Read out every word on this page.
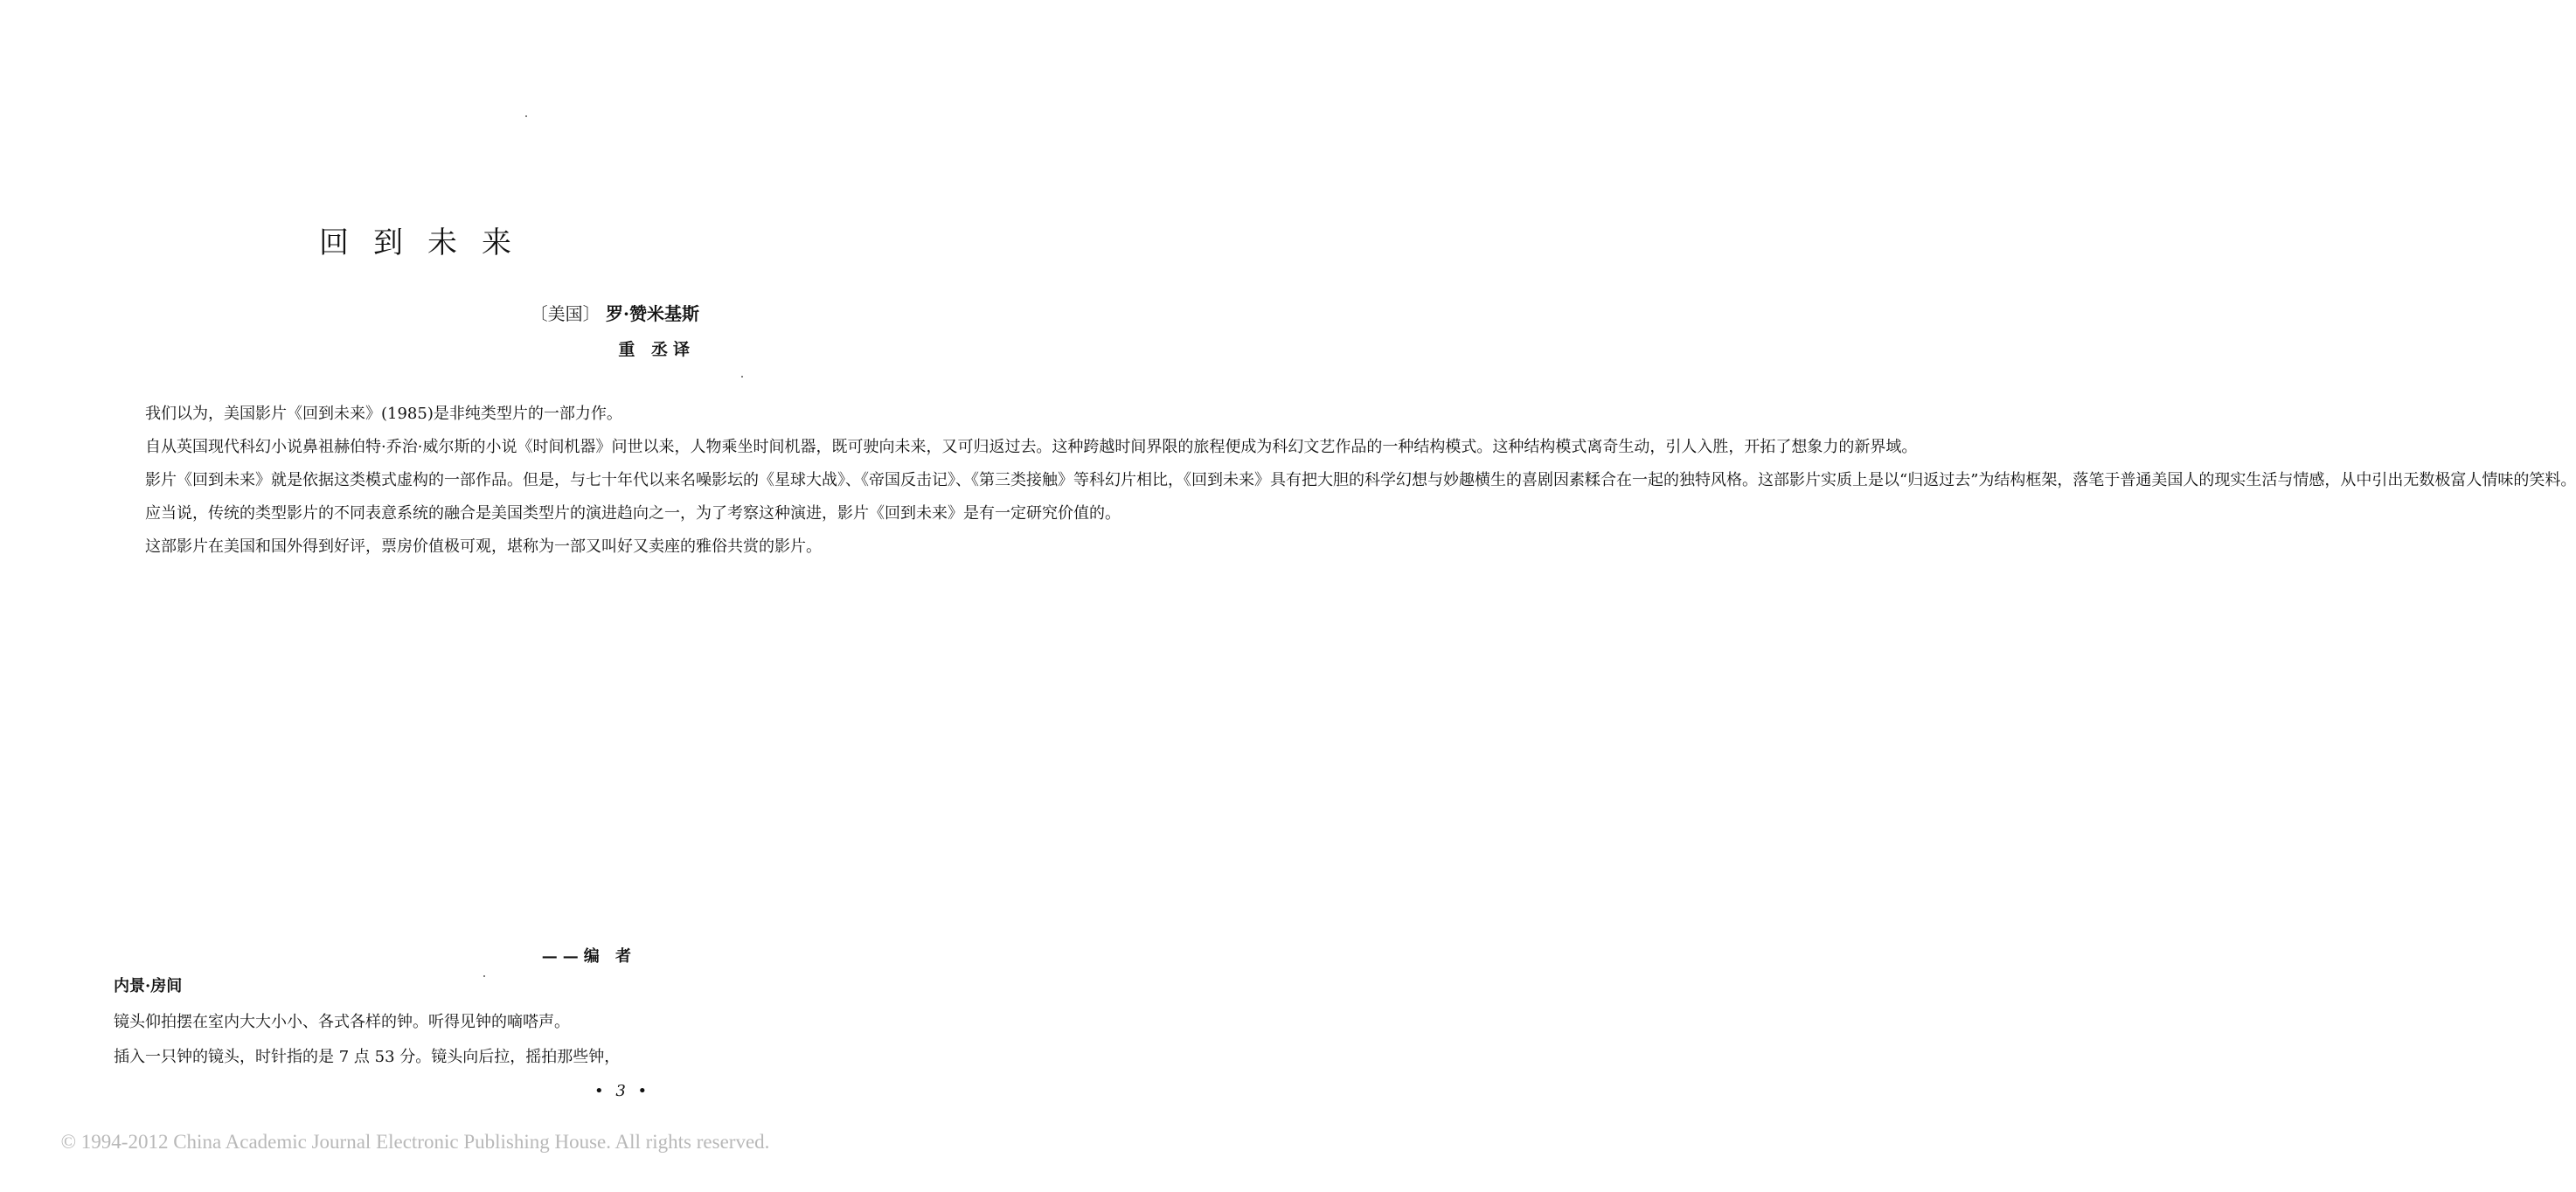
回到未来
〔美国〕 罗·赞米基斯
重 丞译

我们以为，美国影片《回到未来》(1985)是非纯类型片的一部力作。

自从英国现代科幻小说鼻祖赫伯特·乔治·威尔斯的小说《时间机器》问世以来，人物乘坐时间机器，既可驶向未来，又可归返过去。这种跨越时间界限的旅程便成为科幻文艺作品的一种结构模式。这种结构模式离奇生动，引人入胜，开拓了想象力的新界域。

影片《回到未来》就是依据这类模式虚构的一部作品。但是，与七十年代以来名噪影坛的《星球大战》、《帝国反击记》、《第三类接触》等科幻片相比，《回到未来》具有把大胆的科学幻想与妙趣横生的喜剧因素糅合在一起的独特风格。这部影片实质上是以“归返过去”为结构框架，落笔于普通美国人的现实生活与情感，从中引出无数极富人情味的笑料。

应当说，传统的类型影片的不同表意系统的融合是美国类型片的演进趋向之一，为了考察这种演进，影片《回到未来》是有一定研究价值的。

这部影片在美国和国外得到好评，票房价值极可观，堪称为一部又叫好又卖座的雅俗共赏的影片。

——编 者
内景·房间

镜头仰拍摆在室内大大小小、各式各样的钟。听得见钟的嘀嗒声。

插入一只钟的镜头，时针指的是 7 点 53 分。镜头向后拉，摇拍那些钟，

• 3 •
© 1994-2012 China Academic Journal Electronic Publishing House. All rights reserved.
